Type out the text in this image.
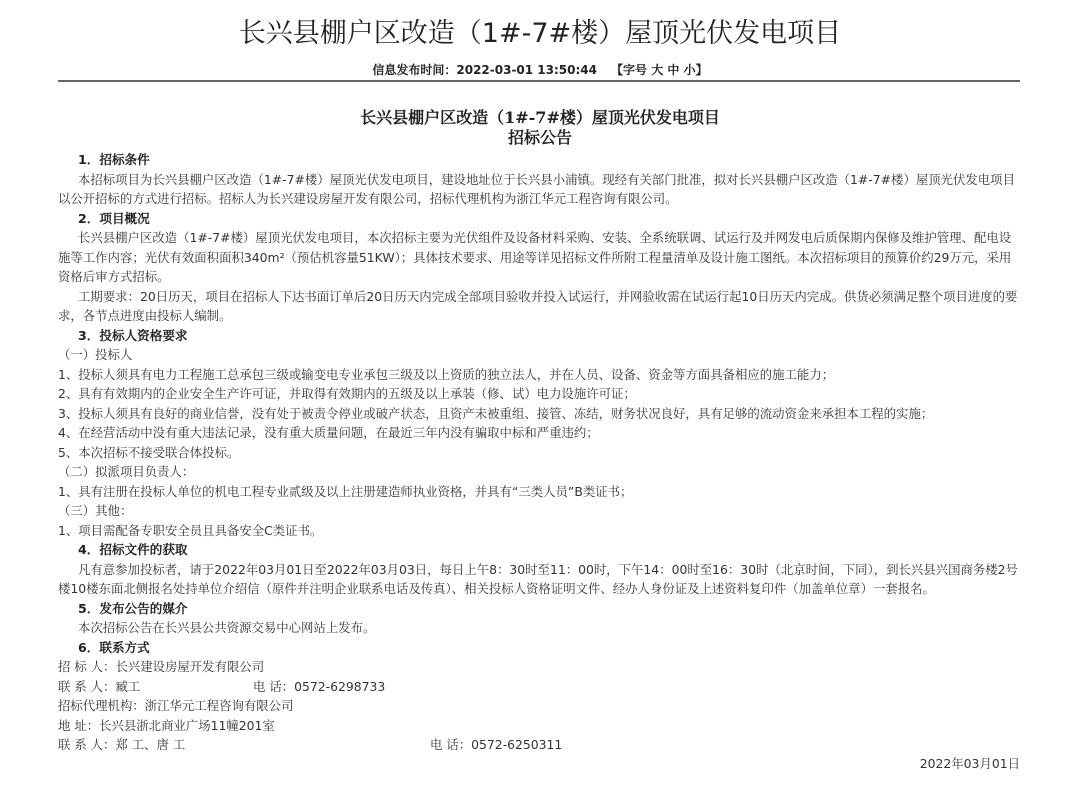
长兴县棚户区改造（1#-7#楼）屋顶光伏发电项目
信息发布时间：2022-03-01 13:50:44 【字号 大 中 小】
长兴县棚户区改造（1#-7#楼）屋顶光伏发电项目
招标公告

1．招标条件

本招标项目为长兴县棚户区改造（1#-7#楼）屋顶光伏发电项目，建设地址位于长兴县小浦镇。现经有关部门批准，拟对长兴县棚户区改造（1#-7#楼）屋顶光伏发电项目以公开招标的方式进行招标。招标人为长兴建设房屋开发有限公司，招标代理机构为浙江华元工程咨询有限公司。

2．项目概况

长兴县棚户区改造（1#-7#楼）屋顶光伏发电项目，本次招标主要为光伏组件及设备材料采购、安装、全系统联调、试运行及并网发电后质保期内保修及维护管理、配电设施等工作内容；光伏有效面积面积340m²（预估机容量51KW）；具体技术要求、用途等详见招标文件所附工程量清单及设计施工图纸。本次招标项目的预算价约29万元，采用资格后审方式招标。

工期要求：20日历天，项目在招标人下达书面订单后20日历天内完成全部项目验收并投入试运行，并网验收需在试运行起10日历天内完成。供货必须满足整个项目进度的要求，各节点进度由投标人编制。

3．投标人资格要求

（一）投标人

1、投标人须具有电力工程施工总承包三级或输变电专业承包三级及以上资质的独立法人，并在人员、设备、资金等方面具备相应的施工能力；

2、具有有效期内的企业安全生产许可证，并取得有效期内的五级及以上承装（修、试）电力设施许可证；

3、投标人须具有良好的商业信誉，没有处于被责令停业或破产状态，且资产未被重组、接管、冻结，财务状况良好，具有足够的流动资金来承担本工程的实施；

4、在经营活动中没有重大违法记录，没有重大质量问题，在最近三年内没有骗取中标和严重违约；

5、本次招标不接受联合体投标。

（二）拟派项目负责人：

1、具有注册在投标人单位的机电工程专业贰级及以上注册建造师执业资格，并具有“三类人员”B类证书；

（三）其他：

1、项目需配备专职安全员且具备安全C类证书。

4．招标文件的获取

凡有意参加投标者，请于2022年03月01日至2022年03月03日，每日上午8：30时至11：00时，下午14：00时至16：30时（北京时间，下同），到长兴县兴国商务楼2号楼10楼东面北侧报名处持单位介绍信（原件并注明企业联系电话及传真）、相关投标人资格证明文件、经办人身份证及上述资料复印件（加盖单位章）一套报名。

5．发布公告的媒介

本次招标公告在长兴县公共资源交易中心网站上发布。

6．联系方式

招 标 人：长兴建设房屋开发有限公司

联 系 人：臧工	电 话：0572-6298733

招标代理机构：浙江华元工程咨询有限公司

地 址：长兴县浙北商业广场11幢201室

联 系 人：郑 工、唐 工	电 话：0572-6250311

2022年03月01日
